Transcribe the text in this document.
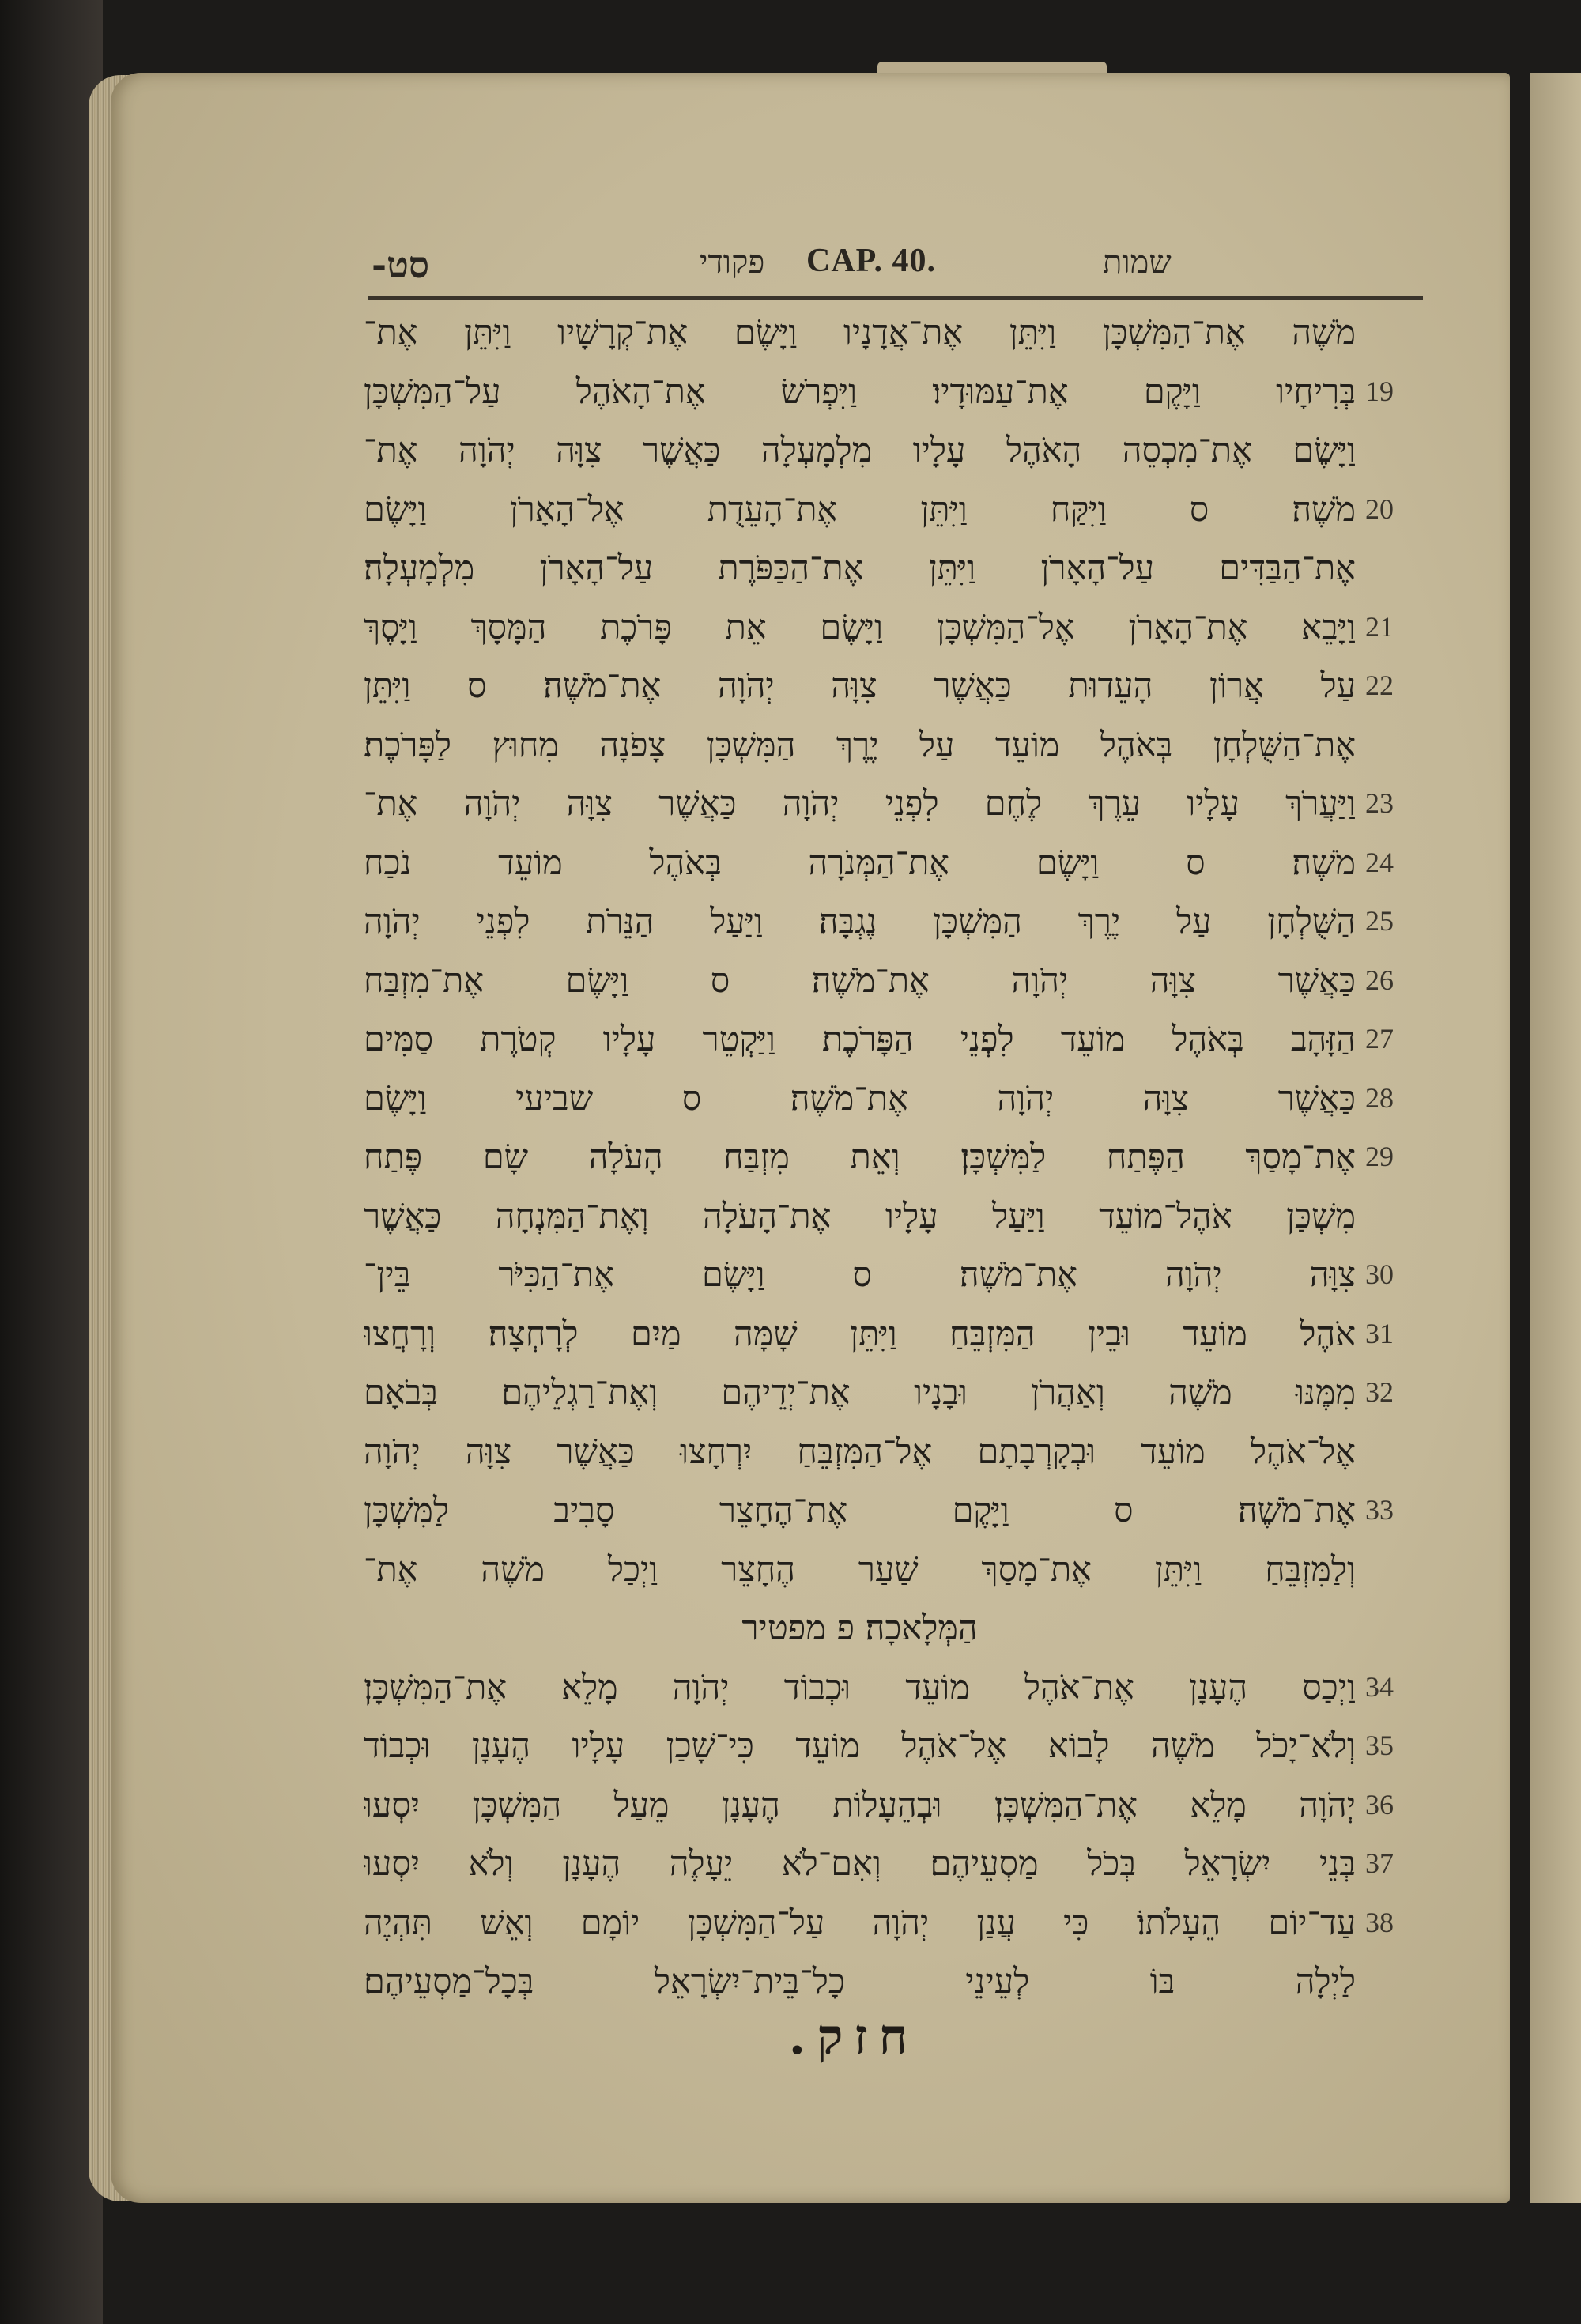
סט-	פקודי CAP. 40.	שמות
מֹשֶׁה אֶת־הַמִּשְׁכָּן וַיִּתֵּן אֶת־אֲדָנָיו וַיָּשֶׂם אֶת־קְרָשָׁיו וַיִּתֵּן אֶת־
בְּרִיחָיו וַיָּקֶם אֶת־עַמּוּדָיו׃ וַיִּפְרֹשׂ אֶת־הָאֹהֶל עַל־הַמִּשְׁכָּן 19
וַיָּשֶׂם אֶת־מִכְסֵה הָאֹהֶל עָלָיו מִלְמָעְלָה כַּאֲשֶׁר צִוָּה יְהֹוָה אֶת־
מֹשֶׁה׃ ס וַיִּקַּח וַיִּתֵּן אֶת־הָעֵדֻת אֶל־הָאָרֹן וַיָּשֶׂם 20
אֶת־הַבַּדִּים עַל־הָאָרֹן וַיִּתֵּן אֶת־הַכַּפֹּרֶת עַל־הָאָרֹן מִלְמָעְלָה׃
וַיָּבֵא אֶת־הָאָרֹן אֶל־הַמִּשְׁכָּן וַיָּשֶׂם אֵת פָּרֹכֶת הַמָּסָךְ וַיָּסֶךְ 21
עַל אֲרוֹן הָעֵדוּת כַּאֲשֶׁר צִוָּה יְהֹוָה אֶת־מֹשֶׁה׃ ס וַיִּתֵּן 22
אֶת־הַשֻּׁלְחָן בְּאֹהֶל מוֹעֵד עַל יֶרֶךְ הַמִּשְׁכָּן צָפֹנָה מִחוּץ לַפָּרֹכֶת׃
וַיַּעֲרֹךְ עָלָיו עֵרֶךְ לֶחֶם לִפְנֵי יְהֹוָה כַּאֲשֶׁר צִוָּה יְהֹוָה אֶת־ 23
מֹשֶׁה׃ ס וַיָּשֶׂם אֶת־הַמְּנֹרָה בְּאֹהֶל מוֹעֵד נֹכַח 24
הַשֻּׁלְחָן עַל יֶרֶךְ הַמִּשְׁכָּן נֶגְבָּה׃ וַיַּעַל הַנֵּרֹת לִפְנֵי יְהֹוָה 25
כַּאֲשֶׁר צִוָּה יְהֹוָה אֶת־מֹשֶׁה׃ ס וַיָּשֶׂם אֶת־מִזְבַּח 26
הַזָּהָב בְּאֹהֶל מוֹעֵד לִפְנֵי הַפָּרֹכֶת׃ וַיַּקְטֵר עָלָיו קְטֹרֶת סַמִּים 27
כַּאֲשֶׁר צִוָּה יְהֹוָה אֶת־מֹשֶׁה׃ ס שביעי וַיָּשֶׂם 28
אֶת־מָסַךְ הַפֶּתַח לַמִּשְׁכָּן׃ וְאֵת מִזְבַּח הָעֹלָה שָׂם פֶּתַח 29
מִשְׁכַּן אֹהֶל־מוֹעֵד וַיַּעַל עָלָיו אֶת־הָעֹלָה וְאֶת־הַמִּנְחָה כַּאֲשֶׁר
צִוָּה יְהֹוָה אֶת־מֹשֶׁה׃ ס וַיָּשֶׂם אֶת־הַכִּיֹּר בֵּין־ 30
אֹהֶל מוֹעֵד וּבֵין הַמִּזְבֵּחַ וַיִּתֵּן שָׁמָּה מַיִם לְרָחְצָה׃ וְרָחֲצוּ 31
מִמֶּנּוּ מֹשֶׁה וְאַהֲרֹן וּבָנָיו אֶת־יְדֵיהֶם וְאֶת־רַגְלֵיהֶם׃ בְּבֹאָם 32
אֶל־אֹהֶל מוֹעֵד וּבְקָרְבָתָם אֶל־הַמִּזְבֵּחַ יִרְחָצוּ כַּאֲשֶׁר צִוָּה יְהֹוָה
אֶת־מֹשֶׁה׃ ס וַיָּקֶם אֶת־הֶחָצֵר סָבִיב לַמִּשְׁכָּן 33
וְלַמִּזְבֵּחַ וַיִּתֵּן אֶת־מָסַךְ שַׁעַר הֶחָצֵר וַיְכַל מֹשֶׁה אֶת־
הַמְּלָאכָה׃ פ מפטיר
וַיְכַס הֶעָנָן אֶת־אֹהֶל מוֹעֵד וּכְבוֹד יְהֹוָה מָלֵא אֶת־הַמִּשְׁכָּן׃ 34
וְלֹא־יָכֹל מֹשֶׁה לָבוֹא אֶל־אֹהֶל מוֹעֵד כִּי־שָׁכַן עָלָיו הֶעָנָן וּכְבוֹד 35
יְהֹוָה מָלֵא אֶת־הַמִּשְׁכָּן׃ וּבְהֵעָלוֹת הֶעָנָן מֵעַל הַמִּשְׁכָּן יִסְעוּ 36
בְּנֵי יִשְׂרָאֵל בְּכֹל מַסְעֵיהֶם׃ וְאִם־לֹא יֵעָלֶה הֶעָנָן וְלֹא יִסְעוּ 37
עַד־יוֹם הֵעָלֹתוֹ׃ כִּי עֲנַן יְהֹוָה עַל־הַמִּשְׁכָּן יוֹמָם וְאֵשׁ תִּהְיֶה 38
לַיְלָה בּוֹ לְעֵינֵי כָל־בֵּית־יִשְׂרָאֵל בְּכָל־מַסְעֵיהֶם׃
חזק.
